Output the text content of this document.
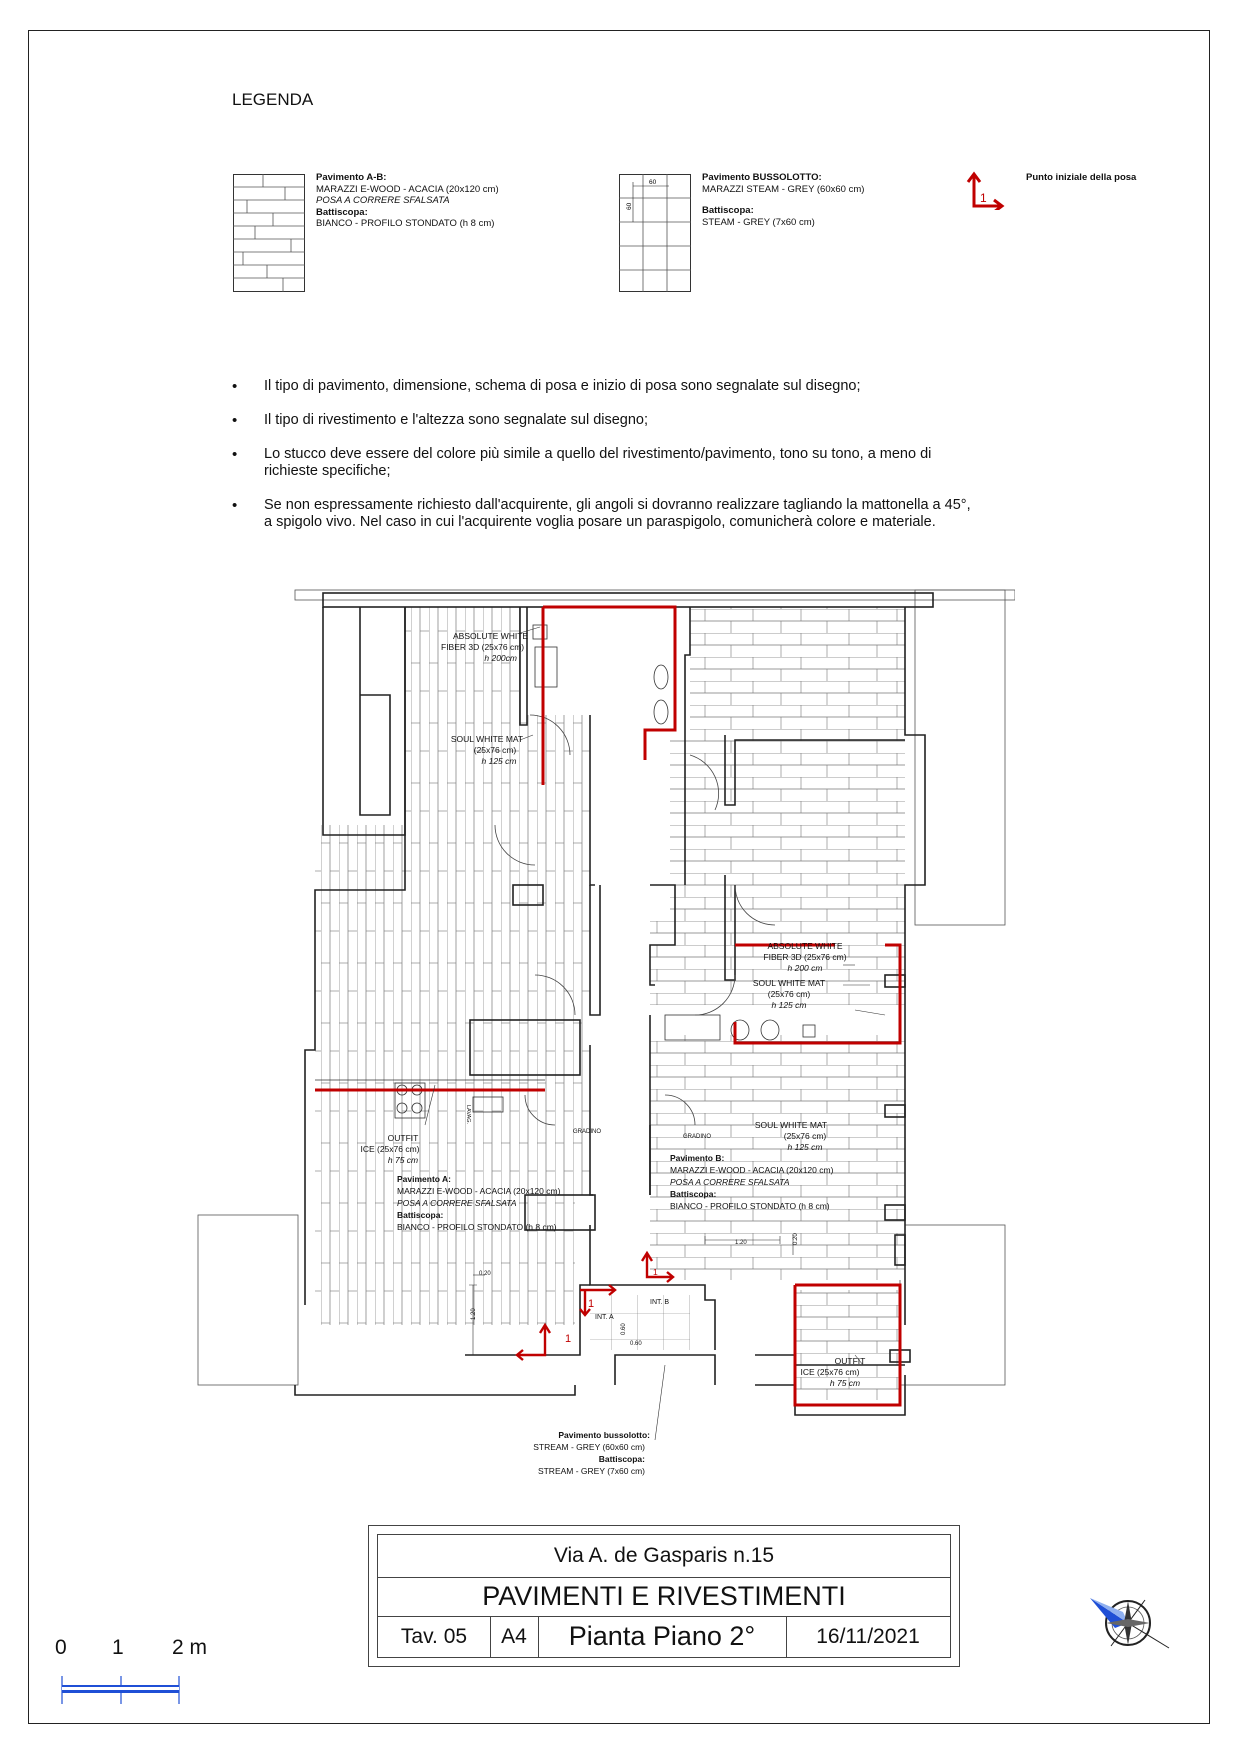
LEGENDA
Pavimento A-B:
MARAZZI E-WOOD - ACACIA (20x120 cm)
POSA A CORRERE SFALSATA
Battiscopa:
BIANCO - PROFILO STONDATO (h 8 cm)
60
60
Pavimento BUSSOLOTTO:
MARAZZI STEAM - GREY (60x60 cm)
Battiscopa:
STEAM - GREY (7x60 cm)
1
Punto iniziale della posa
• Il tipo di pavimento, dimensione, schema di posa e inizio di posa sono segnalate sul disegno;
• Il tipo di rivestimento e l'altezza sono segnalate sul disegno;
• Lo stucco deve essere del colore più simile a quello del rivestimento/pavimento, tono su tono, a meno di richieste specifiche;
• Se non espressamente richiesto dall'acquirente, gli angoli si dovranno realizzare tagliando la mattonella a 45°, a spigolo vivo. Nel caso in cui l'acquirente voglia posare un paraspigolo, comunicherà colore e materiale.
1
1
1
ABSOLUTE WHITE
FIBER 3D (25x76 cm)
h 200cm
SOUL WHITE MAT
(25x76 cm)
h 125 cm
ABSOLUTE WHITE
FIBER 3D (25x76 cm)
h 200 cm
SOUL WHITE MAT
(25x76 cm)
h 125 cm
SOUL WHITE MAT
(25x76 cm)
h 125 cm
OUTFIT
ICE (25x76 cm)
h 75 cm
LAVAG.
OUTFIT
ICE (25x76 cm)
h 75 cm
GRADINO
GRADINO
Pavimento A:
MARAZZI E-WOOD - ACACIA (20x120 cm)
POSA A CORRERE SFALSATA
Battiscopa:
BIANCO - PROFILO STONDATO (h 8 cm)
Pavimento B:
MARAZZI E-WOOD - ACACIA (20x120 cm)
POSA A CORRERE SFALSATA
Battiscopa:
BIANCO - PROFILO STONDATO (h 8 cm)
Pavimento bussolotto:
STREAM - GREY (60x60 cm)
Battiscopa:
STREAM - GREY (7x60 cm)
INT. A
INT. B
1.20	0.20
1.20
0.20
0.60
0.60
Via A. de Gasparis n.15
PAVIMENTI E RIVESTIMENTI
Tav. 05	A4	Pianta Piano 2°	16/11/2021
0 1 2 m
